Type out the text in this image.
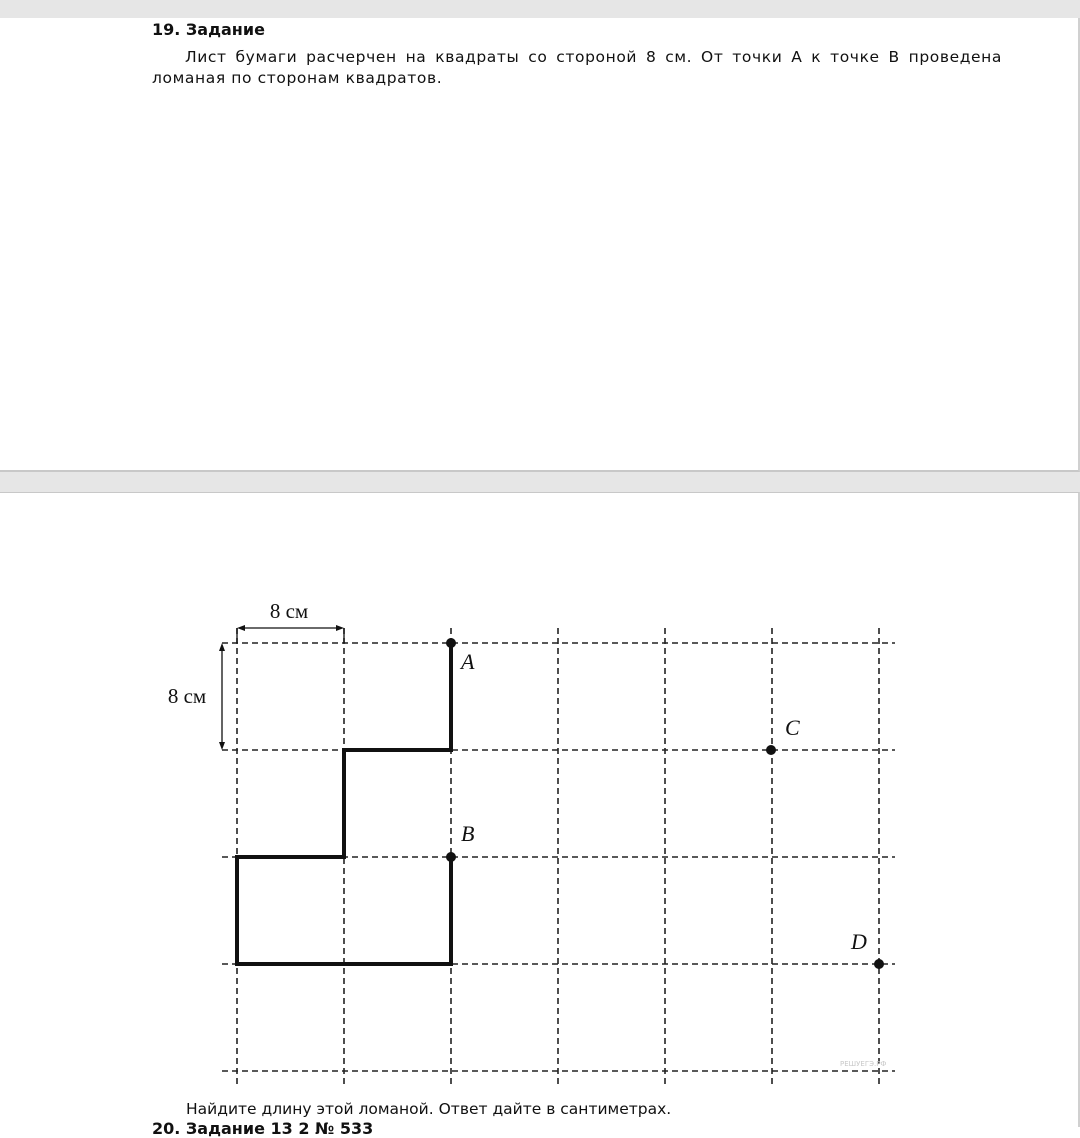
19. Задание
Лист бумаги расчерчен на квадраты со стороной 8 см. От точки A к точке B проведена ломаная по сторонам квадратов.
8 см
8 см
A
B
C
D
РЕШУЕГЭ.РФ
Найдите длину этой ломаной. Ответ дайте в сантиметрах.
20. Задание 13 2 № 533
